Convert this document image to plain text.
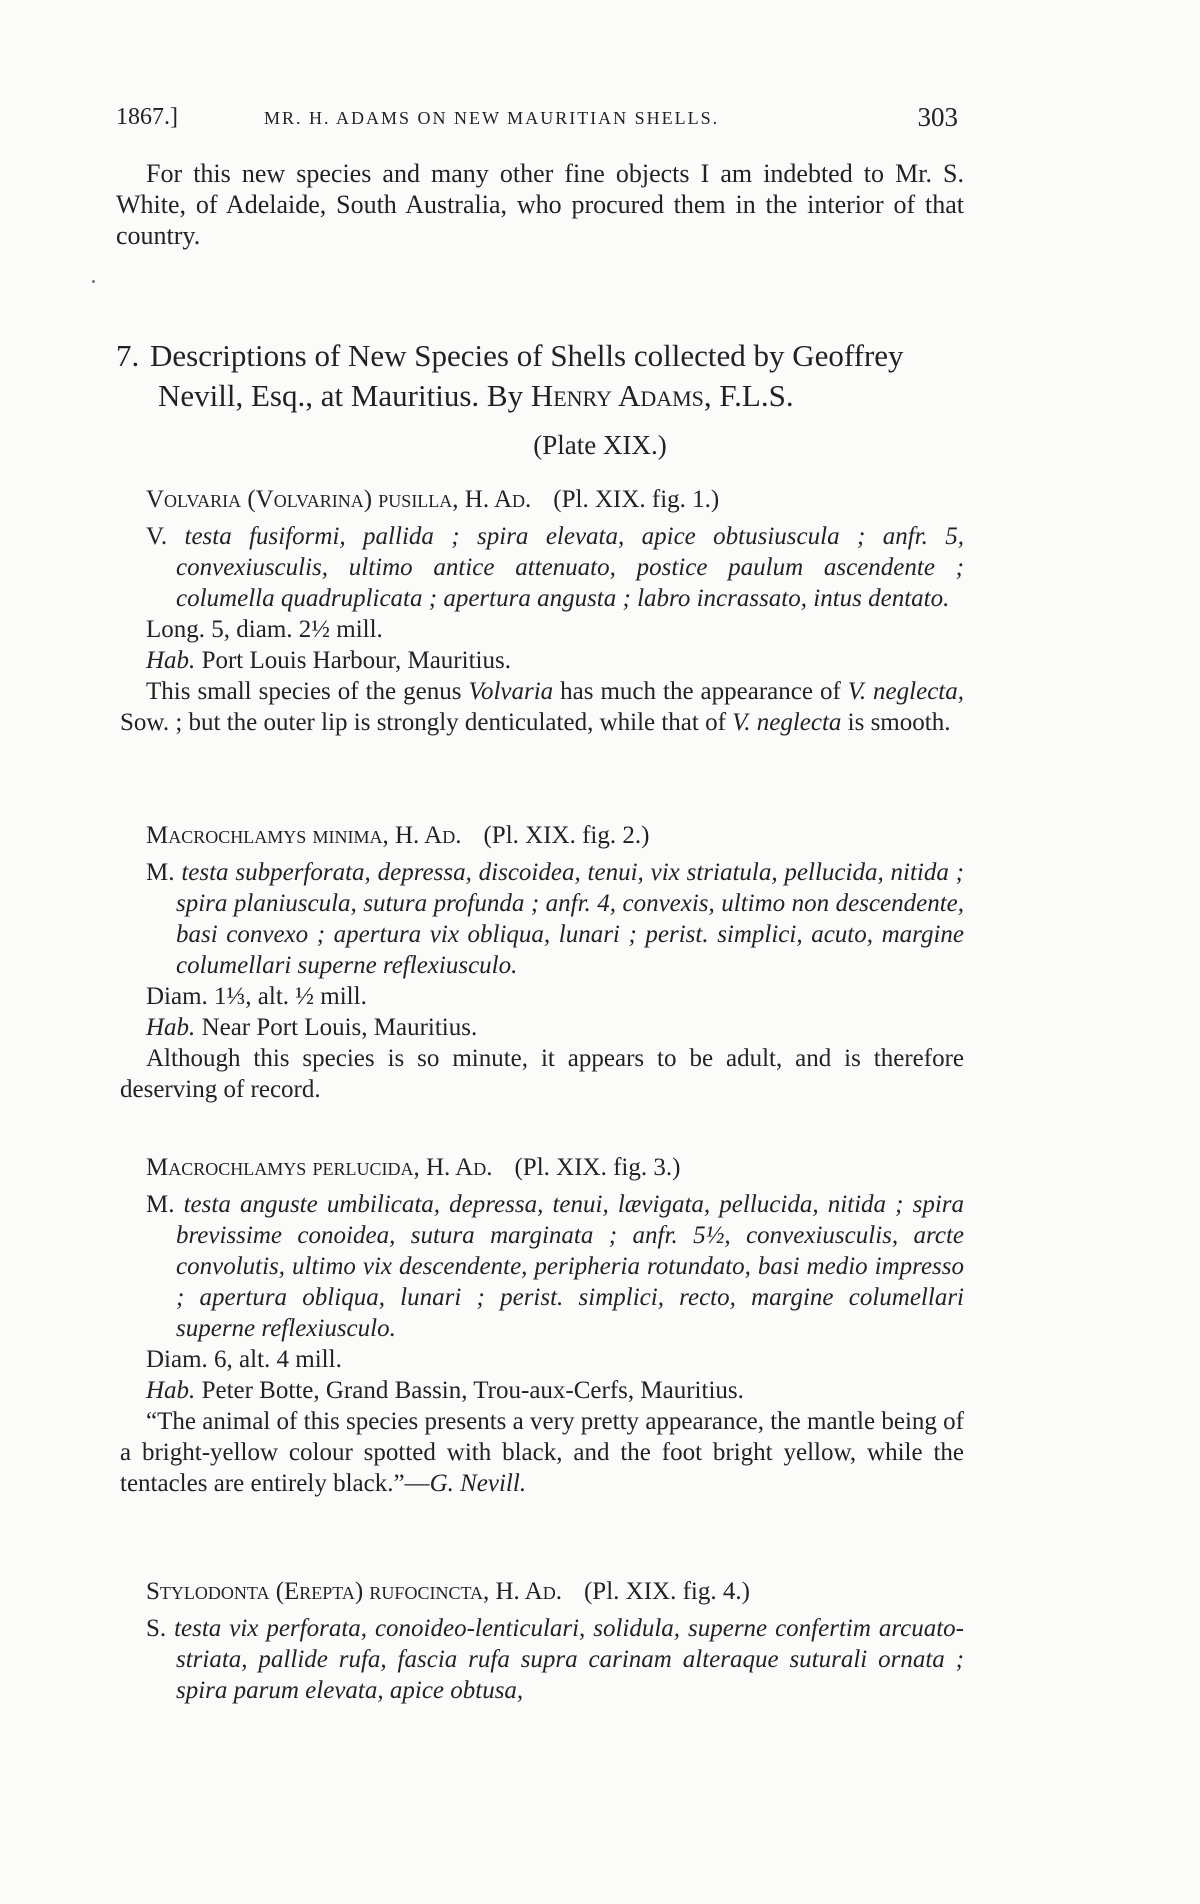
1867.]	MR. H. ADAMS ON NEW MAURITIAN SHELLS.	303

For this new species and many other fine objects I am indebted to Mr. S. White, of Adelaide, South Australia, who procured them in the interior of that country.

7. Descriptions of New Species of Shells collected by Geoffrey
Nevill, Esq., at Mauritius. By Henry Adams, F.L.S.
(Plate XIX.)
Volvaria (Volvarina) pusilla, H. Ad. (Pl. XIX. fig. 1.)
V. testa fusiformi, pallida ; spira elevata, apice obtusiuscula ; anfr. 5, convexiusculis, ultimo antice attenuato, postice paulum ascendente ; columella quadruplicata ; apertura angusta ; labro incrassato, intus dentato.
Long. 5, diam. 2½ mill.
Hab. Port Louis Harbour, Mauritius.

This small species of the genus Volvaria has much the appearance of V. neglecta, Sow. ; but the outer lip is strongly denticulated, while that of V. neglecta is smooth.

Macrochlamys minima, H. Ad. (Pl. XIX. fig. 2.)
M. testa subperforata, depressa, discoidea, tenui, vix striatula, pellucida, nitida ; spira planiuscula, sutura profunda ; anfr. 4, convexis, ultimo non descendente, basi convexo ; apertura vix obliqua, lunari ; perist. simplici, acuto, margine columellari superne reflexiusculo.
Diam. 1⅓, alt. ½ mill.
Hab. Near Port Louis, Mauritius.

Although this species is so minute, it appears to be adult, and is therefore deserving of record.

Macrochlamys perlucida, H. Ad. (Pl. XIX. fig. 3.)
M. testa anguste umbilicata, depressa, tenui, lævigata, pellucida, nitida ; spira brevissime conoidea, sutura marginata ; anfr. 5½, convexiusculis, arcte convolutis, ultimo vix descendente, peripheria rotundato, basi medio impresso ; apertura obliqua, lunari ; perist. simplici, recto, margine columellari superne reflexiusculo.
Diam. 6, alt. 4 mill.
Hab. Peter Botte, Grand Bassin, Trou-aux-Cerfs, Mauritius.

“The animal of this species presents a very pretty appearance, the mantle being of a bright-yellow colour spotted with black, and the foot bright yellow, while the tentacles are entirely black.”—G. Nevill.

Stylodonta (Erepta) rufocincta, H. Ad. (Pl. XIX. fig. 4.)
S. testa vix perforata, conoideo-lenticulari, solidula, superne confertim arcuato-striata, pallide rufa, fascia rufa supra carinam alteraque suturali ornata ; spira parum elevata, apice obtusa,
